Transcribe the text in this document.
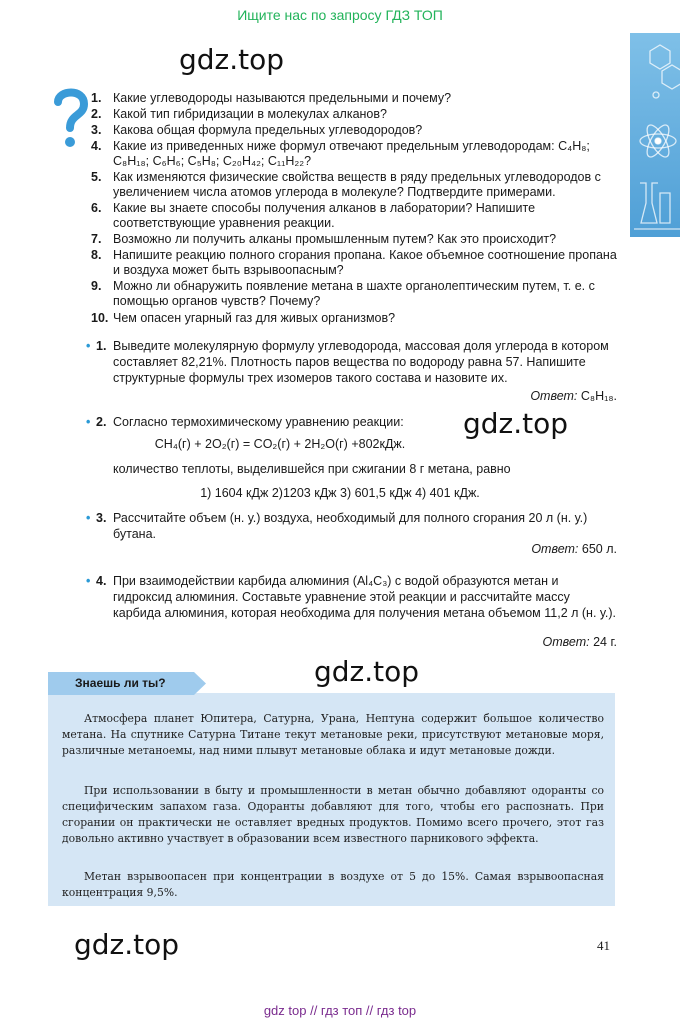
Ищите нас по запросу ГДЗ ТОП
gdz.top
gdz.top
gdz.top
gdz.top
1. Какие углеводороды называются предельными и почему?
2. Какой тип гибридизации в молекулах алканов?
3. Какова общая формула предельных углеводородов?
4. Какие из приведенных ниже формул отвечают предельным углеводородам: C₄H₈; C₈H₁₈; C₆H₆; C₅H₈; C₂₀H₄₂; C₁₁H₂₂?
5. Как изменяются физические свойства веществ в ряду предельных углеводородов с увеличением числа атомов углерода в молекуле? Подтвердите примерами.
6. Какие вы знаете способы получения алканов в лаборатории? Напишите соответствующие уравнения реакции.
7. Возможно ли получить алканы промышленным путем? Как это происходит?
8. Напишите реакцию полного сгорания пропана. Какое объемное соотношение пропана и воздуха может быть взрывоопасным?
9. Можно ли обнаружить появление метана в шахте органолептическим путем, т. е. с помощью органов чувств? Почему?
10. Чем опасен угарный газ для живых организмов?
• 1. Выведите молекулярную формулу углеводорода, массовая доля углерода в котором составляет 82,21%. Плотность паров вещества по водороду равна 57. Напишите структурные формулы трех изомеров такого состава и назовите их.
Ответ: C₈H₁₈.
• 2. Согласно термохимическому уравнению реакции:
CH₄(г) + 2O₂(г) = CO₂(г) + 2H₂O(г) +802кДж.
количество теплоты, выделившейся при сжигании 8 г метана, равно
1) 1604 кДж 2)1203 кДж 3) 601,5 кДж 4) 401 кДж.
• 3. Рассчитайте объем (н. у.) воздуха, необходимый для полного сгорания 20 л (н. у.) бутана.
Ответ: 650 л.
• 4. При взаимодействии карбида алюминия (Al₄C₃) с водой образуются метан и гидроксид алюминия. Составьте уравнение этой реакции и рассчитайте массу карбида алюминия, которая необходима для получения метана объемом 11,2 л (н. у.).
Ответ: 24 г.
Знаешь ли ты?
Атмосфера планет Юпитера, Сатурна, Урана, Нептуна содержит большое количество метана. На спутнике Сатурна Титане текут метановые реки, присутствуют метановые моря, различные метаноемы, над ними плывут метановые облака и идут метановые дожди.
При использовании в быту и промышленности в метан обычно добавляют одоранты со специфическим запахом газа. Одоранты добавляют для того, чтобы его распознать. При сгорании он практически не оставляет вредных продуктов. Помимо всего прочего, этот газ довольно активно участвует в образовании всем известного парникового эффекта.
Метан взрывоопасен при концентрации в воздухе от 5 до 15%. Самая взрывоопасная концентрация 9,5%.
41
gdz top // гдз топ // гдз top
